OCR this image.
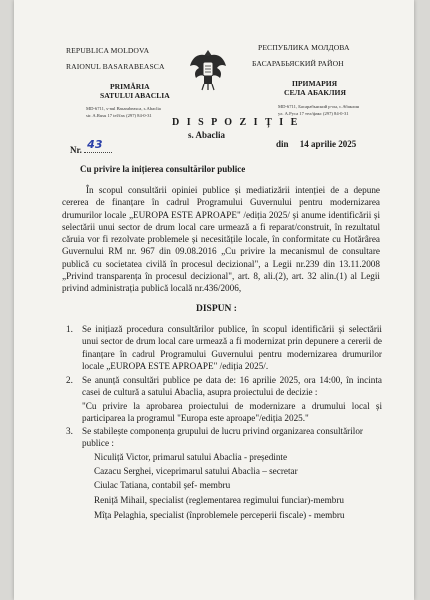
REPUBLICA MOLDOVA
RAIONUL BASARABEASCA
PRIMĂRIA
SATULUI ABACLIA
MD-6711, s-nul Basarabeasca, s.Abaclia
str. A.Rusu 17 tel/fax (297) 84-0-31
РЕСПУБЛИКА МОЛДОВА
БАСАРАБЬЯСКИЙ РАЙОН
ПРИМАРИЯ
СЕЛА АБАКЛИЯ
MD-6711, Басарабьяский р-он, с.Абаклия
ул. А.Руса 17 тел/факс (297) 84-0-31
D I S P O Z I Ț I E
s. Abaclia
Nr. 43	din 14 aprilie 2025
Cu privire la inițierea consultărilor publice
În scopul consultării opiniei publice și mediatizării intenției de a depune cererea de finanțare în cadrul Programului Guvernului pentru modernizarea drumurilor locale „EUROPA ESTE APROAPE" /ediția 2025/ și anume identificării și selectării unui sector de drum local care urmează a fi reparat/construit, în rezultatul căruia vor fi rezolvate problemele și necesitățile locale, în conformitate cu Hotărârea Guvernului RM nr. 967 din 09.08.2016 „Cu privire la mecanismul de consultare publică cu societatea civilă în procesul decizional", a Legii nr.239 din 13.11.2008 „Privind transparența în procesul decizional", art. 8, ali.(2), art. 32 alin.(1) al Legii privind administrația publică locală nr.436/2006,
DISPUN :
1. Se inițiază procedura consultărilor publice, în scopul identificării și selectării unui sector de drum local care urmează a fi modernizat prin depunere a cererii de finanțare în cadrul Programului Guvernului pentru modernizarea drumurilor locale „EUROPA ESTE APROAPE" /ediția 2025/.
2. Se anunță consultări publice pe data de: 16 aprilie 2025, ora 14:00, în incinta casei de cultură a satului Abaclia, asupra proiectului de decizie :
"Cu privire la aprobarea proiectului de modernizare a drumului local și participarea la programul "Europa este aproape"/ediția 2025."
3. Se stabilește componența grupului de lucru privind organizarea consultărilor publice :
Niculiță Victor, primarul satului Abaclia - președinte
Cazacu Serghei, viceprimarul satului Abaclia – secretar
Ciulac Tatiana, contabil șef- membru
Reniță Mihail, specialist (reglementarea regimului funciar)-membru
Mîța Pelaghia, specialist (înproblemele perceperii fiscale) - membru
